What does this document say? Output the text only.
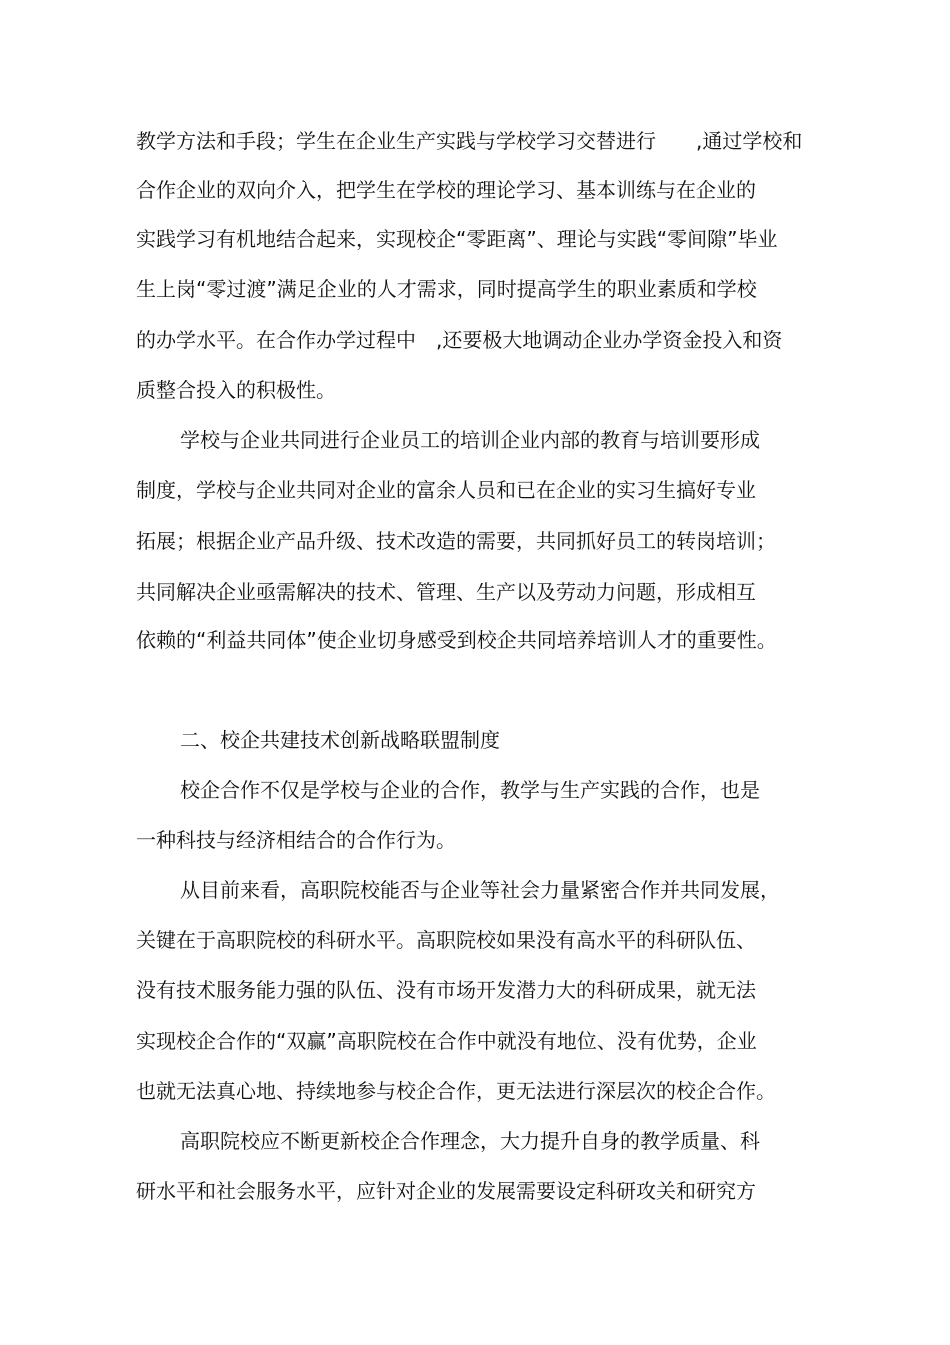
教学方法和手段；学生在企业生产实践与学校学习交替进行　　,通过学校和
合作企业的双向介入，把学生在学校的理论学习、基本训练与在企业的
实践学习有机地结合起来，实现校企“零距离”、理论与实践“零间隙”毕业
生上岗“零过渡”满足企业的人才需求，同时提高学生的职业素质和学校
的办学水平。在合作办学过程中　,还要极大地调动企业办学资金投入和资
质整合投入的积极性。
学校与企业共同进行企业员工的培训企业内部的教育与培训要形成
制度，学校与企业共同对企业的富余人员和已在企业的实习生搞好专业
拓展；根据企业产品升级、技术改造的需要，共同抓好员工的转岗培训；
共同解决企业亟需解决的技术、管理、生产以及劳动力问题，形成相互
依赖的“利益共同体”使企业切身感受到校企共同培养培训人才的重要性。
二、校企共建技术创新战略联盟制度
校企合作不仅是学校与企业的合作，教学与生产实践的合作，也是
一种科技与经济相结合的合作行为。
从目前来看，高职院校能否与企业等社会力量紧密合作并共同发展，
关键在于高职院校的科研水平。高职院校如果没有高水平的科研队伍、
没有技术服务能力强的队伍、没有市场开发潜力大的科研成果，就无法
实现校企合作的“双赢”高职院校在合作中就没有地位、没有优势，企业
也就无法真心地、持续地参与校企合作，更无法进行深层次的校企合作。
高职院校应不断更新校企合作理念，大力提升自身的教学质量、科
研水平和社会服务水平，应针对企业的发展需要设定科研攻关和研究方
